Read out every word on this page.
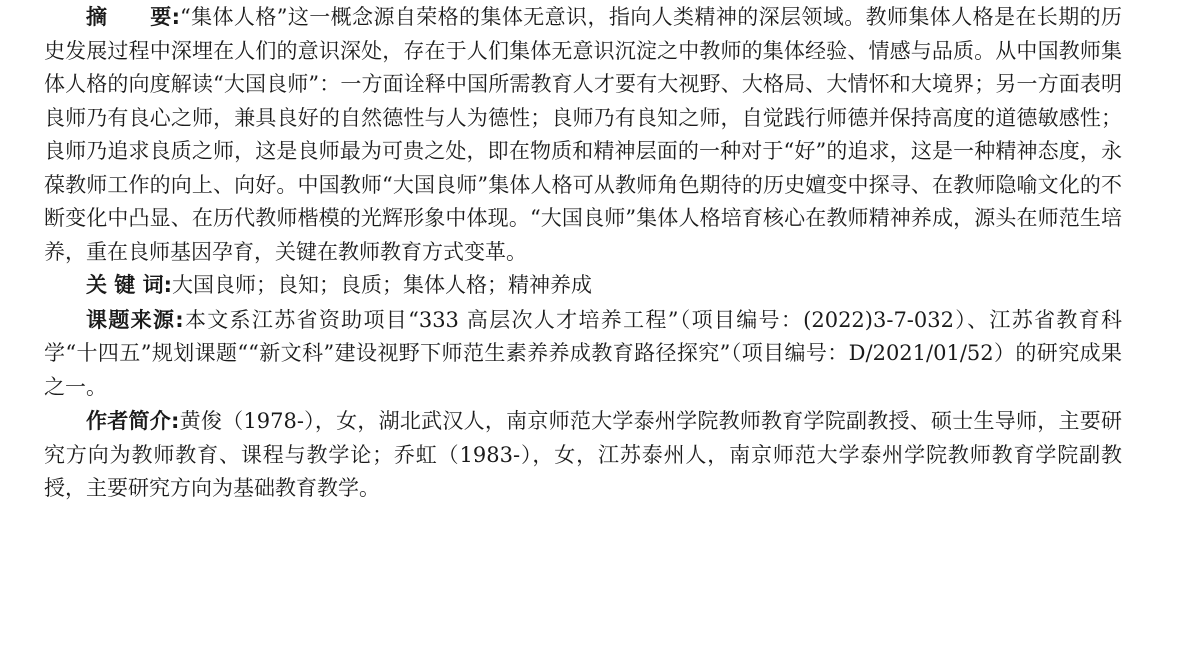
摘　　要:“集体人格”这一概念源自荣格的集体无意识，指向人类精神的深层领域。教师集体人格是在长期的历史发展过程中深埋在人们的意识深处，存在于人们集体无意识沉淀之中教师的集体经验、情感与品质。从中国教师集体人格的向度解读“大国良师”：一方面诠释中国所需教育人才要有大视野、大格局、大情怀和大境界；另一方面表明良师乃有良心之师，兼具良好的自然德性与人为德性；良师乃有良知之师，自觉践行师德并保持高度的道德敏感性；良师乃追求良质之师，这是良师最为可贵之处，即在物质和精神层面的一种对于“好”的追求，这是一种精神态度，永葆教师工作的向上、向好。中国教师“大国良师”集体人格可从教师角色期待的历史嬗变中探寻、在教师隐喻文化的不断变化中凸显、在历代教师楷模的光辉形象中体现。“大国良师”集体人格培育核心在教师精神养成，源头在师范生培养，重在良师基因孕育，关键在教师教育方式变革。

关 键 词:大国良师；良知；良质；集体人格；精神养成

课题来源:本文系江苏省资助项目“333 高层次人才培养工程”（项目编号：(2022)3-7-032）、江苏省教育科学“十四五”规划课题““新文科”建设视野下师范生素养养成教育路径探究”（项目编号：D/2021/01/52）的研究成果之一。

作者简介:黄俊（1978-），女，湖北武汉人，南京师范大学泰州学院教师教育学院副教授、硕士生导师，主要研究方向为教师教育、课程与教学论；乔虹（1983-），女，江苏泰州人，南京师范大学泰州学院教师教育学院副教授，主要研究方向为基础教育教学。
